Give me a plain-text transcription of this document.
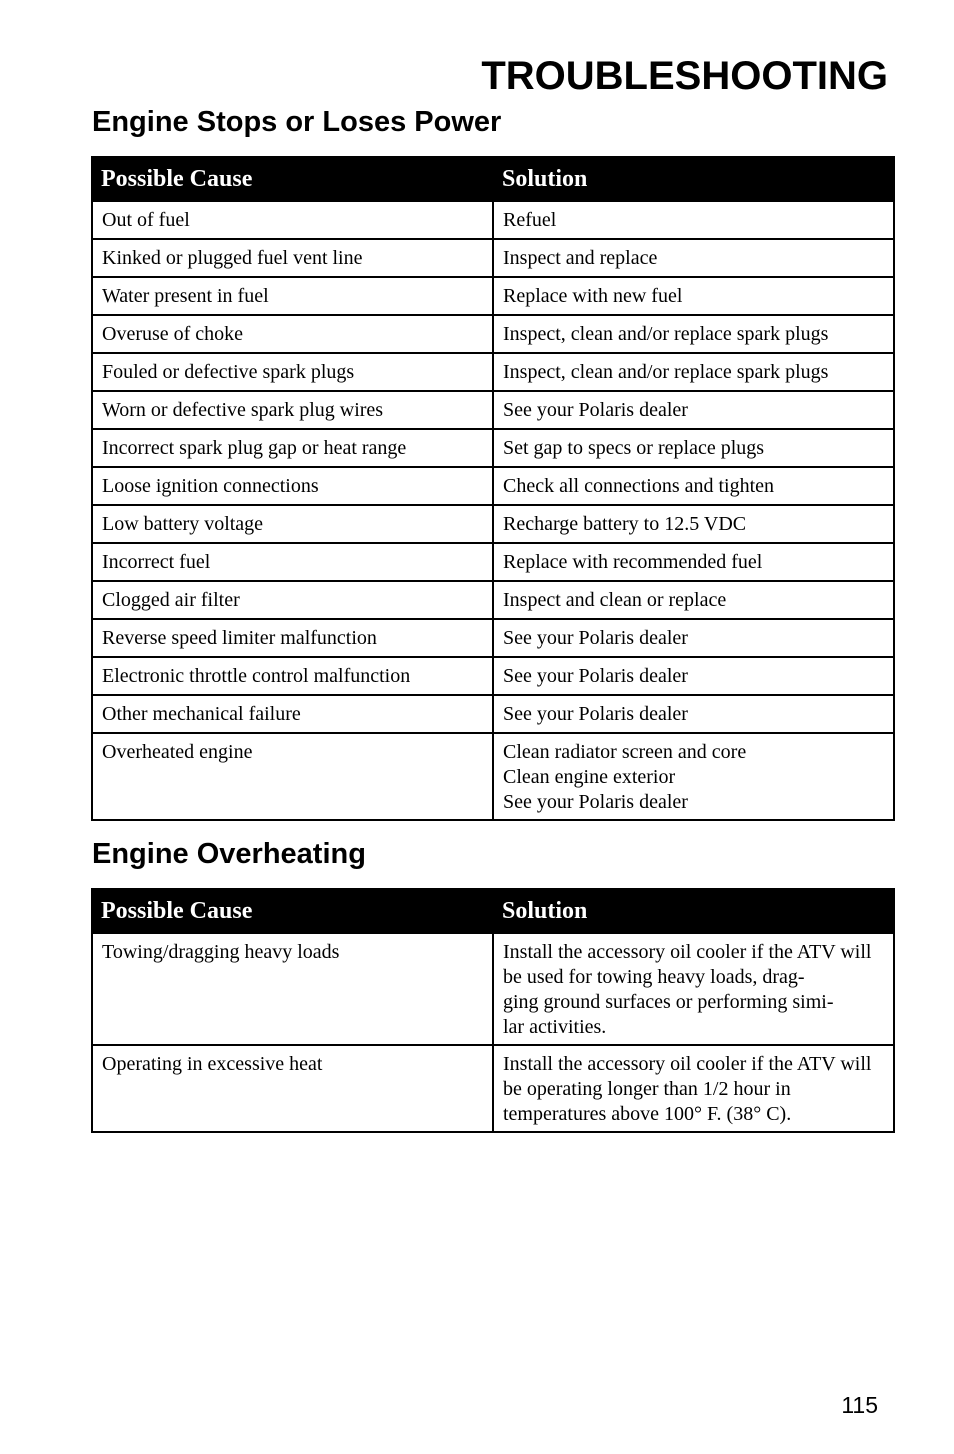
TROUBLESHOOTING
Engine Stops or Loses Power
Possible Cause	Solution
Out of fuel	Refuel
Kinked or plugged fuel vent line	Inspect and replace
Water present in fuel	Replace with new fuel
Overuse of choke	Inspect, clean and/or replace spark plugs
Fouled or defective spark plugs	Inspect, clean and/or replace spark plugs
Worn or defective spark plug wires	See your Polaris dealer
Incorrect spark plug gap or heat range	Set gap to specs or replace plugs
Loose ignition connections	Check all connections and tighten
Low battery voltage	Recharge battery to 12.5 VDC
Incorrect fuel	Replace with recommended fuel
Clogged air filter	Inspect and clean or replace
Reverse speed limiter malfunction	See your Polaris dealer
Electronic throttle control malfunction	See your Polaris dealer
Other mechanical failure	See your Polaris dealer
Overheated engine	Clean radiator screen and core
Clean engine exterior
See your Polaris dealer
Engine Overheating
Possible Cause	Solution
Towing/dragging heavy loads	Install the accessory oil cooler if the ATV will be used for towing heavy loads, drag-
ging ground surfaces or performing simi-
lar activities.
Operating in excessive heat	Install the accessory oil cooler if the ATV will be operating longer than 1/2 hour in temperatures above 100° F. (38° C).
115
